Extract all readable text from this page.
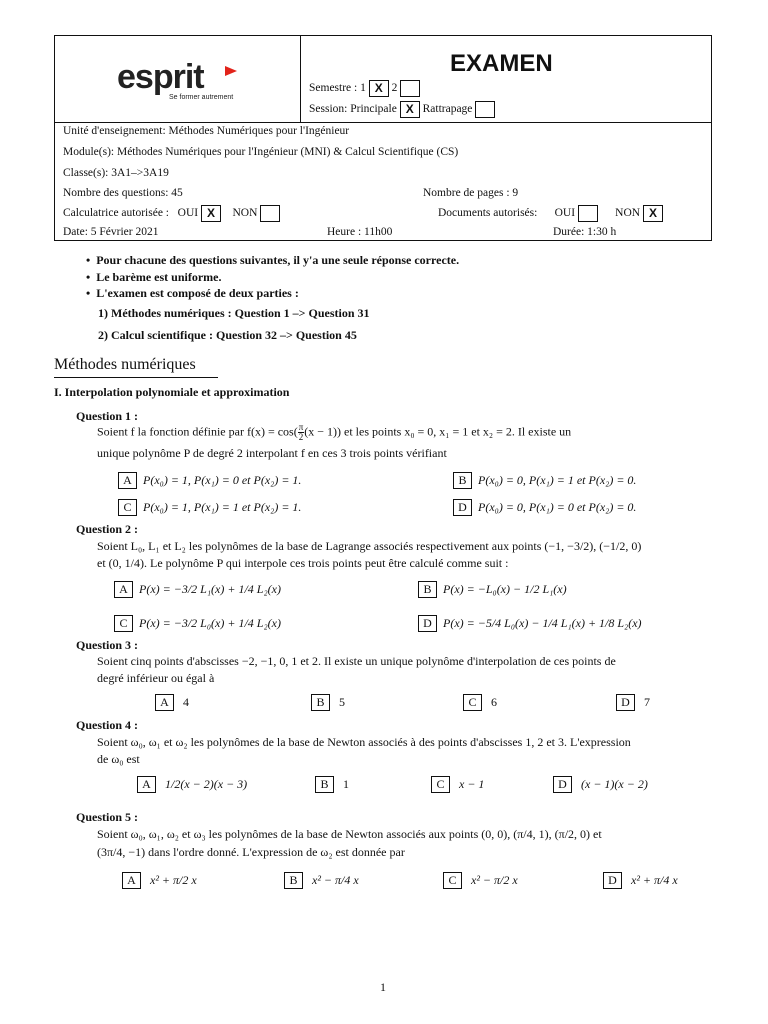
esprit
Se former autrement
EXAMEN
Semestre : 1 X 2
Session: Principale X Rattrapage
Unité d'enseignement: Méthodes Numériques pour l'Ingénieur
Module(s): Méthodes Numériques pour l'Ingénieur (MNI) & Calcul Scientifique (CS)
Classe(s): 3A1–>3A19
Nombre des questions: 45	Nombre de pages : 9
Calculatrice autorisée : OUI X NON	Documents autorisés: OUI	NON X
Date: 5 Février 2021	Heure : 11h00	Durée: 1:30 h
•  Pour chacune des questions suivantes, il y'a une seule réponse correcte.
•  Le barème est uniforme.
•  L'examen est composé de deux parties :
1) Méthodes numériques : Question 1 –> Question 31
2) Calcul scientifique : Question 32 –> Question 45
Méthodes numériques
I. Interpolation polynomiale et approximation
Question 1 :
Soient f la fonction définie par $f(x) = \cos( \frac{\pi}{2} (x - 1))$ et les points x₀ = 0, x₁ = 1 et x₂ = 2. Il existe un
unique polynôme P de degré 2 interpolant f en ces 3 trois points vérifiant
A P(x₀) = 1, P(x₁) = 0 et P(x₂) = 1.	B P(x₀) = 0, P(x₁) = 1 et P(x₂) = 0.
C P(x₀) = 1, P(x₁) = 1 et P(x₂) = 1.	D P(x₀) = 0, P(x₁) = 0 et P(x₂) = 0.
Question 2 :
Soient L₀, L₁ et L₂ les polynômes de la base de Lagrange associés respectivement aux points (−1, −3/2), (−1/2, 0)
et (0, 1/4). Le polynôme P qui interpole ces trois points peut être calculé comme suit :
A P(x) = −3/2 L₁(x) + 1/4 L₂(x)	B P(x) = −L₀(x) − 1/2 L₁(x)
C P(x) = −3/2 L₀(x) + 1/4 L₂(x)	D P(x) = −5/4 L₀(x) − 1/4 L₁(x) + 1/8 L₂(x)
Question 3 :
Soient cinq points d'abscisses −2, −1, 0, 1 et 2. Il existe un unique polynôme d'interpolation de ces points de
degré inférieur ou égal à
A 4	B 5	C 6	D 7
Question 4 :
Soient ω₀, ω₁ et ω₂ les polynômes de la base de Newton associés à des points d'abscisses 1, 2 et 3. L'expression
de ω₀ est
A 1/2(x − 2)(x − 3)	B 1	C x − 1	D (x − 1)(x − 2)
Question 5 :
Soient ω₀, ω₁, ω₂ et ω₃ les polynômes de la base de Newton associés aux points (0, 0), (π/4, 1), (π/2, 0) et
(3π/4, −1) dans l'ordre donné. L'expression de ω₂ est donnée par
A x² + π/2 x	B x² − π/4 x	C x² − π/2 x	D x² + π/4 x
1
